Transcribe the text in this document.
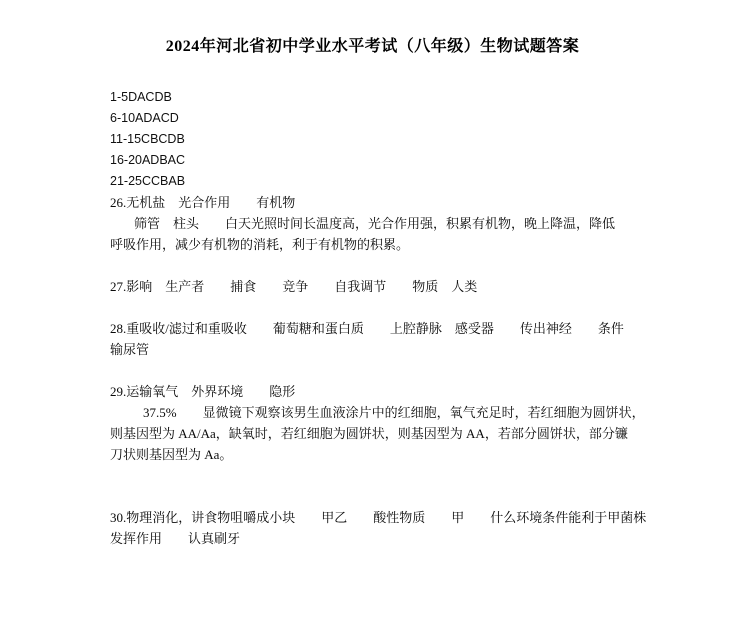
2024年河北省初中学业水平考试（八年级）生物试题答案
1-5DACDB
6-10ADACD
11-15CBCDB
16-20ADBAC
21-25CCBAB
26.无机盐　光合作用　　有机物
筛管　柱头　　白天光照时间长温度高，光合作用强，积累有机物，晚上降温，降低
呼吸作用，减少有机物的消耗，利于有机物的积累。
27.影响　生产者　　捕食　　竞争　　自我调节　　物质　人类
28.重吸收/滤过和重吸收　　葡萄糖和蛋白质　　上腔静脉　感受器　　传出神经　　条件
输尿管
29.运输氧气　外界环境　　隐形
37.5%　　显微镜下观察该男生血液涂片中的红细胞，氧气充足时，若红细胞为圆饼状，
则基因型为 AA/Aa，缺氧时，若红细胞为圆饼状，则基因型为 AA，若部分圆饼状，部分镰
刀状则基因型为 Aa。
30.物理消化，讲食物咀嚼成小块　　甲乙　　酸性物质　　甲　　什么环境条件能利于甲菌株
发挥作用　　认真刷牙
